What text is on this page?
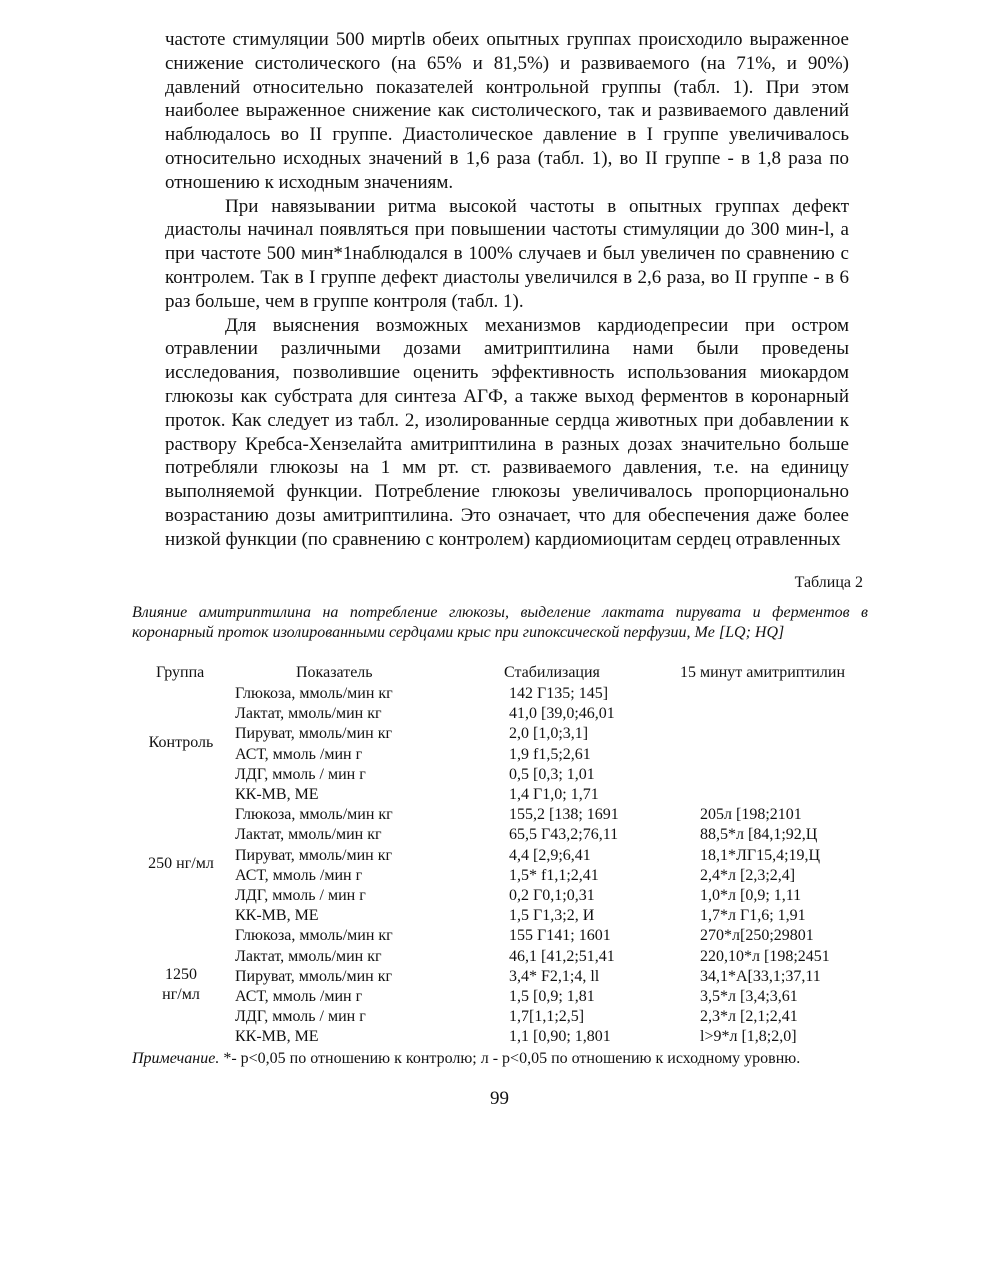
частоте стимуляции 500 миртlв обеих опытных группах происходило выраженное снижение систолического (на 65% и 81,5%) и развиваемого (на 71%, и 90%) давлений относительно показателей контрольной группы (табл. 1). При этом наиболее выраженное снижение как систолического, так и развиваемого давлений наблюдалось во II группе. Диастолическое давление в I группе увеличивалось относительно исходных значений в 1,6 раза (табл. 1), во II группе - в 1,8 раза по отношению к исходным значениям.

При навязывании ритма высокой частоты в опытных группах дефект диастолы начинал появляться при повышении частоты стимуляции до 300 мин-l, а при частоте 500 мин*1наблюдался в 100% случаев и был увеличен по сравнению с контролем. Так в I группе дефект диастолы увеличился в 2,6 раза, во II группе - в 6 раз больше, чем в группе контроля (табл. 1).

Для выяснения возможных механизмов кардиодепресии при остром отравлении различными дозами амитриптилина нами были проведены исследования, позволившие оценить эффективность использования миокардом глюкозы как субстрата для синтеза АГФ, а также выход ферментов в коронарный проток. Как следует из табл. 2, изолированные сердца животных при добавлении к раствору Кребса-Хензелайта амитриптилина в разных дозах значительно больше потребляли глюкозы на 1 мм рт. ст. развиваемого давления, т.е. на единицу выполняемой функции. Потребление глюкозы увеличивалось пропорционально возрастанию дозы амитриптилина. Это означает, что для обеспечения даже более низкой функции (по сравнению с контролем) кардиомиоцитам сердец отравленных

Таблица 2
Влияние амитриптилина на потребление глюкозы, выделение лактата пирувата и ферментов в коронарный проток изолированными сердцами крыс при гипоксической перфузии, Me [LQ; HQ]
Группа	Показатель	Стабилизация	15 минут амитриптилин
Контроль
Глюкоза, ммоль/мин кг	142 Г135; 145]
Лактат, ммоль/мин кг	41,0 [39,0;46,01
Пируват, ммоль/мин кг	2,0 [1,0;3,1]
АСТ, ммоль /мин г	1,9 f1,5;2,61
ЛДГ, ммоль / мин г	0,5 [0,3; 1,01
КК-МВ, МЕ	1,4 Г1,0; 1,71
250 нг/мл
Глюкоза, ммоль/мин кг	155,2 [138; 1691	205л [198;2101
Лактат, ммоль/мин кг	65,5 Г43,2;76,11	88,5*л [84,1;92,Ц
Пируват, ммоль/мин кг	4,4 [2,9;6,41	18,1*ЛГ15,4;19,Ц
АСТ, ммоль /мин г	1,5* f1,1;2,41	2,4*л [2,3;2,4]
ЛДГ, ммоль / мин г	0,2 Г0,1;0,31	1,0*л [0,9; 1,11
КК-МВ, МЕ	1,5 Г1,3;2, И	1,7*л Г1,6; 1,91
1250
нг/мл
Глюкоза, ммоль/мин кг	155 Г141; 1601	270*л[250;29801
Лактат, ммоль/мин кг	46,1 [41,2;51,41	220,10*л [198;2451
Пируват, ммоль/мин кг	3,4* F2,1;4, ll	34,1*А[33,1;37,11
АСТ, ммоль /мин г	1,5 [0,9; 1,81	3,5*л [3,4;3,61
ЛДГ, ммоль / мин г	1,7[1,1;2,5]	2,3*л [2,1;2,41
КК-МВ, МЕ	1,1 [0,90; 1,801	l>9*л [1,8;2,0]
Примечание. *- р<0,05 по отношению к контролю; л - р<0,05 по отношению к исходному уровню.
99
